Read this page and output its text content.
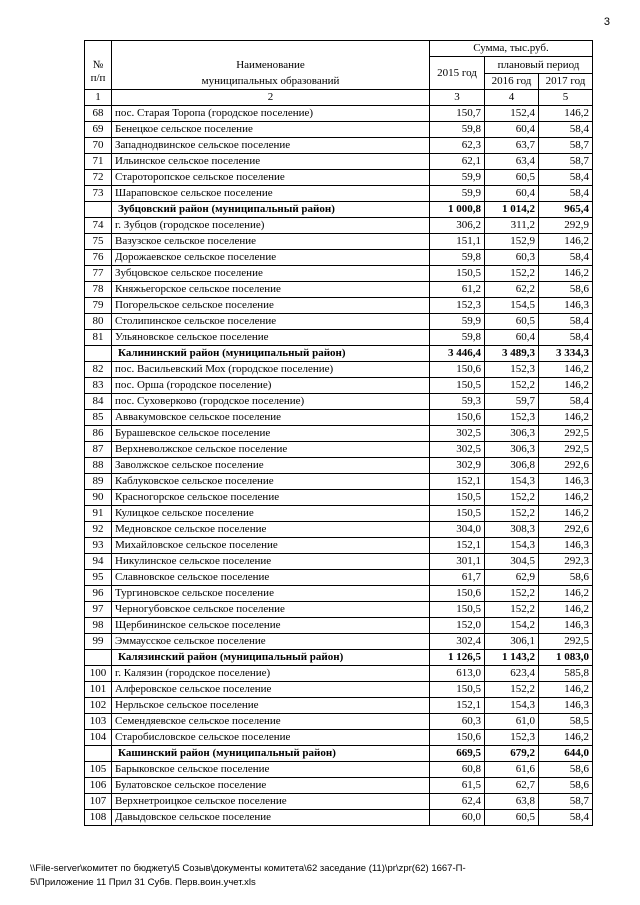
3

№
п/п	Наименование
муниципальных образований	Сумма, тыс.руб.		
		2015 год	плановый период	
			2016 год	2017 год
1	2	3	4	5
68	пос. Старая Торопа (городское поселение)	150,7	152,4	146,2
69	Бенецкое сельское поселение	59,8	60,4	58,4
70	Западнодвинское сельское поселение	62,3	63,7	58,7
71	Ильинское сельское поселение	62,1	63,4	58,7
72	Староторопское сельское поселение	59,9	60,5	58,4
73	Шараповское сельское поселение	59,9	60,4	58,4
	Зубцовский район (муниципальный район)	1 000,8	1 014,2	965,4
74	г. Зубцов (городское поселение)	306,2	311,2	292,9
75	Вазузское сельское поселение	151,1	152,9	146,2
76	Дорожаевское сельское поселение	59,8	60,3	58,4
77	Зубцовское сельское поселение	150,5	152,2	146,2
78	Княжьегорское сельское поселение	61,2	62,2	58,6
79	Погорельское сельское поселение	152,3	154,5	146,3
80	Столипинское сельское поселение	59,9	60,5	58,4
81	Ульяновское сельское поселение	59,8	60,4	58,4
	Калининский район (муниципальный район)	3 446,4	3 489,3	3 334,3
82	пос. Васильевский Мох (городское поселение)	150,6	152,3	146,2
83	пос. Орша (городское поселение)	150,5	152,2	146,2
84	пос. Суховерково (городское поселение)	59,3	59,7	58,4
85	Аввакумовское сельское поселение	150,6	152,3	146,2
86	Бурашевское сельское поселение	302,5	306,3	292,5
87	Верхневолжское сельское поселение	302,5	306,3	292,5
88	Заволжское сельское поселение	302,9	306,8	292,6
89	Каблуковское сельское поселение	152,1	154,3	146,3
90	Красногорское сельское поселение	150,5	152,2	146,2
91	Кулицкое сельское поселение	150,5	152,2	146,2
92	Медновское сельское поселение	304,0	308,3	292,6
93	Михайловское сельское поселение	152,1	154,3	146,3
94	Никулинское сельское поселение	301,1	304,5	292,3
95	Славновское сельское поселение	61,7	62,9	58,6
96	Тургиновское сельское поселение	150,6	152,2	146,2
97	Черногубовское сельское поселение	150,5	152,2	146,2
98	Щербининское сельское поселение	152,0	154,2	146,3
99	Эммаусское сельское поселение	302,4	306,1	292,5
	Калязинский район (муниципальный район)	1 126,5	1 143,2	1 083,0
100	г. Калязин (городское поселение)	613,0	623,4	585,8
101	Алферовское сельское поселение	150,5	152,2	146,2
102	Нерльское сельское поселение	152,1	154,3	146,3
103	Семендяевское сельское поселение	60,3	61,0	58,5
104	Старобисловское сельское поселение	150,6	152,3	146,2
	Кашинский район (муниципальный район)	669,5	679,2	644,0
105	Барыковское сельское поселение	60,8	61,6	58,6
106	Булатовское сельское поселение	61,5	62,7	58,6
107	Верхнетроицкое сельское поселение	62,4	63,8	58,7
108	Давыдовское сельское поселение	60,0	60,5	58,4
\\File-server\комитет по бюджету\5 Созыв\документы комитета\62 заседание (11)\pr\zpr(62) 1667-П-
5\Приложение 11 Прил 31 Субв. Перв.воин.учет.xls
